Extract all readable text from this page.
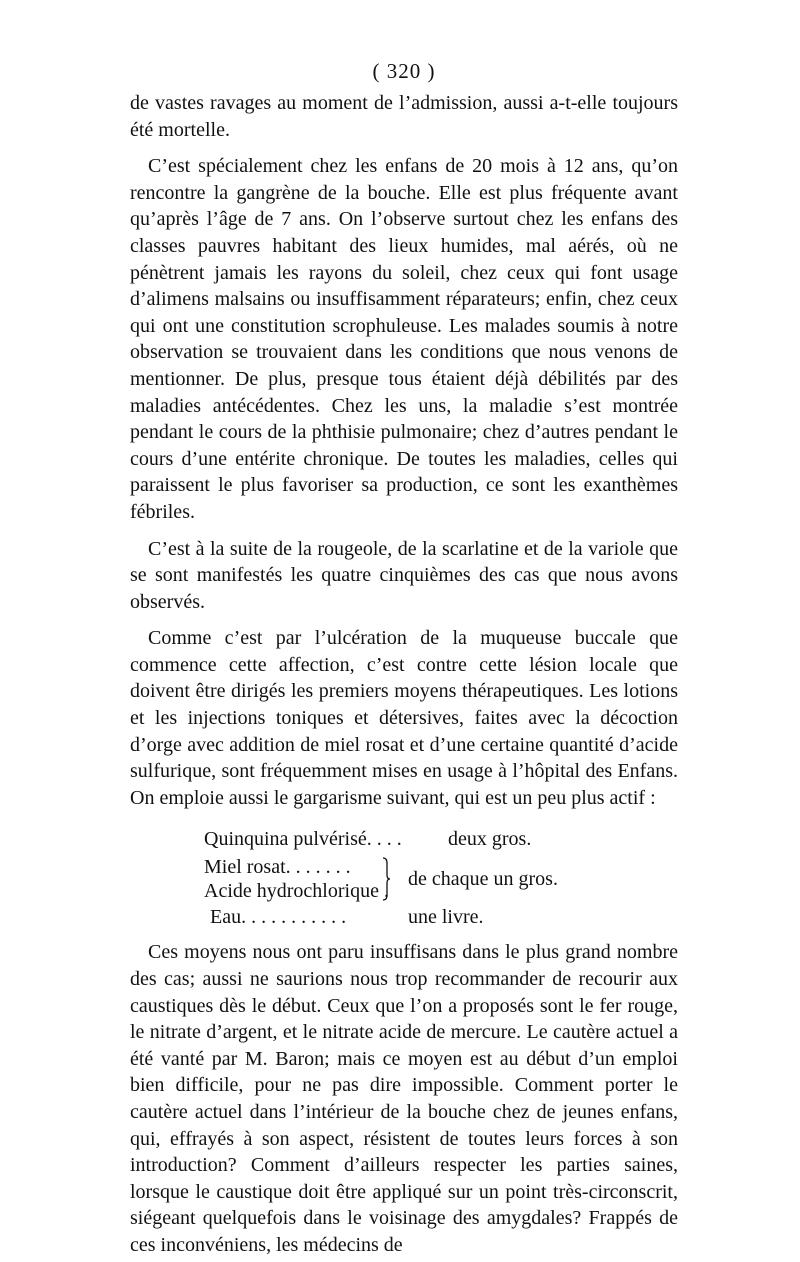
( 320 )

de vastes ravages au moment de l’admission, aussi a-t-elle toujours été mortelle.

C’est spécialement chez les enfans de 20 mois à 12 ans, qu’on rencontre la gangrène de la bouche. Elle est plus fréquente avant qu’après l’âge de 7 ans. On l’observe surtout chez les enfans des classes pauvres habitant des lieux humides, mal aérés, où ne pénètrent jamais les rayons du soleil, chez ceux qui font usage d’alimens malsains ou insuffisamment réparateurs; enfin, chez ceux qui ont une constitution scrophuleuse. Les malades soumis à notre observation se trouvaient dans les conditions que nous venons de mentionner. De plus, presque tous étaient déjà débilités par des maladies antécédentes. Chez les uns, la maladie s’est montrée pendant le cours de la phthisie pulmonaire; chez d’autres pendant le cours d’une entérite chronique. De toutes les maladies, celles qui paraissent le plus favoriser sa production, ce sont les exanthèmes fébriles.

C’est à la suite de la rougeole, de la scarlatine et de la variole que se sont manifestés les quatre cinquièmes des cas que nous avons observés.

Comme c’est par l’ulcération de la muqueuse buccale que commence cette affection, c’est contre cette lésion locale que doivent être dirigés les premiers moyens thérapeutiques. Les lotions et les injections toniques et détersives, faites avec la décoction d’orge avec addition de miel rosat et d’une certaine quantité d’acide sulfurique, sont fréquemment mises en usage à l’hôpital des Enfans. On emploie aussi le gargarisme suivant, qui est un peu plus actif :

Quinquina pulvérisé. . . . deux gros.
Miel rosat. . . . . . .
Acide hydrochlorique .
de chaque un gros.
Eau. . . . . . . . . . .	une livre.

Ces moyens nous ont paru insuffisans dans le plus grand nombre des cas; aussi ne saurions nous trop recommander de recourir aux caustiques dès le début. Ceux que l’on a proposés sont le fer rouge, le nitrate d’argent, et le nitrate acide de mercure. Le cautère actuel a été vanté par M. Baron; mais ce moyen est au début d’un emploi bien difficile, pour ne pas dire impossible. Comment porter le cautère actuel dans l’intérieur de la bouche chez de jeunes enfans, qui, effrayés à son aspect, résistent de toutes leurs forces à son introduction? Comment d’ailleurs respecter les parties saines, lorsque le caustique doit être appliqué sur un point très-circonscrit, siégeant quelquefois dans le voisinage des amygdales? Frappés de ces inconvéniens, les médecins de
